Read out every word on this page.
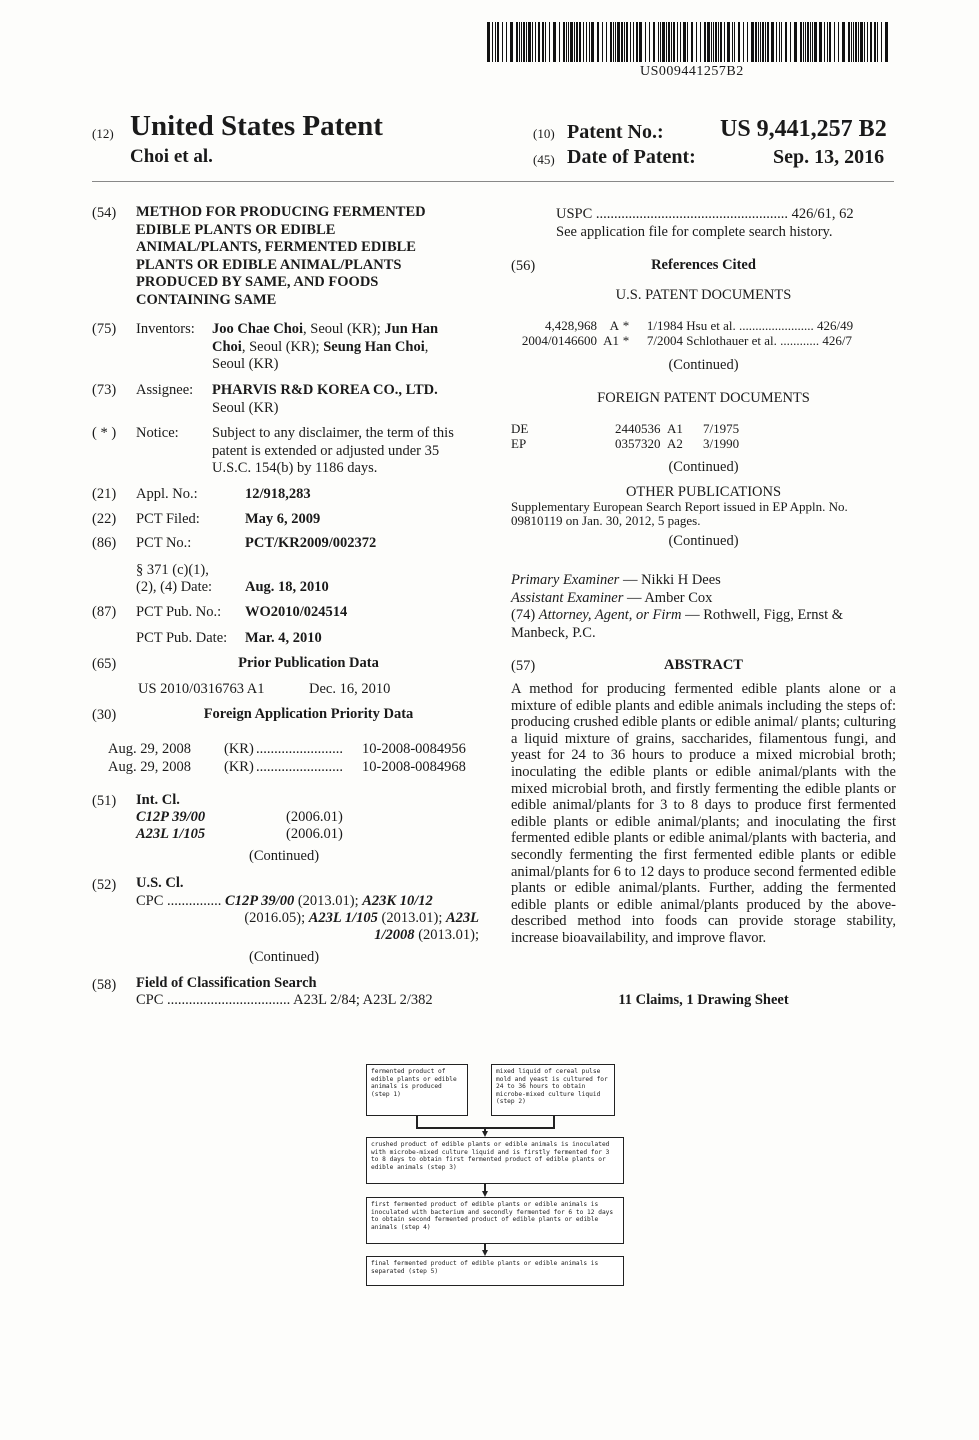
US009441257B2
(12) United States Patent
Choi et al.
(10) Patent No.: US 9,441,257 B2
(45) Date of Patent:	Sep. 13, 2016
(54) METHOD FOR PRODUCING FERMENTED
EDIBLE PLANTS OR EDIBLE
ANIMAL/PLANTS, FERMENTED EDIBLE
PLANTS OR EDIBLE ANIMAL/PLANTS
PRODUCED BY SAME, AND FOODS
CONTAINING SAME
(75) Inventors: Joo Chae Choi, Seoul (KR); Jun Han
Choi, Seoul (KR); Seung Han Choi,
Seoul (KR)
(73) Assignee: PHARVIS R&D KOREA CO., LTD.
Seoul (KR)
( * ) Notice: Subject to any disclaimer, the term of this
patent is extended or adjusted under 35
U.S.C. 154(b) by 1186 days.
(21) Appl. No.:	12/918,283
(22) PCT Filed:	May 6, 2009
(86) PCT No.:	PCT/KR2009/002372
§ 371 (c)(1),
(2), (4) Date: Aug. 18, 2010
(87) PCT Pub. No.: WO2010/024514
PCT Pub. Date: Mar. 4, 2010
(65)	Prior Publication Data
US 2010/0316763 A1	Dec. 16, 2010
(30)	Foreign Application Priority Data
Aug. 29, 2008 (KR) ........................ 10-2008-0084956
Aug. 29, 2008 (KR) ........................ 10-2008-0084968
(51) Int. Cl.
C12P 39/00	(2006.01)
A23L 1/105	(2006.01)
(Continued)
(52) U.S. Cl.
CPC ............... C12P 39/00 (2013.01); A23K 10/12
(2016.05); A23L 1/105 (2013.01); A23L
1/2008 (2013.01);
(Continued)
(58) Field of Classification Search
CPC .................................. A23L 2/84; A23L 2/382
USPC ..................................................... 426/61, 62
See application file for complete search history.
(56)	References Cited
U.S. PATENT DOCUMENTS
4,428,968 A * 1/1984 Hsu et al. ....................... 426/49
2004/0146600 A1 * 7/2004 Schlothauer et al. ............ 426/7
(Continued)
FOREIGN PATENT DOCUMENTS
DE	2440536 A1 7/1975
EP	0357320 A2 3/1990
(Continued)
OTHER PUBLICATIONS
Supplementary European Search Report issued in EP Appln. No.
09810119 on Jan. 30, 2012, 5 pages.
(Continued)
Primary Examiner — Nikki H Dees
Assistant Examiner — Amber Cox
(74) Attorney, Agent, or Firm — Rothwell, Figg, Ernst &
Manbeck, P.C.
(57)	ABSTRACT
A method for producing fermented edible plants alone or a mixture of edible plants and edible animals including the steps of: producing crushed edible plants or edible animal/ plants; culturing a liquid mixture of grains, saccharides, filamentous fungi, and yeast for 24 to 36 hours to produce a mixed microbial broth; inoculating the edible plants or edible animal/plants with the mixed microbial broth, and firstly fermenting the edible plants or edible animal/plants for 3 to 8 days to produce first fermented edible plants or edible animal/plants; and inoculating the first fermented edible plants or edible animal/plants with bacteria, and secondly fermenting the first fermented edible plants or edible animal/plants for 6 to 12 days to produce second fermented edible plants or edible animal/plants. Further, adding the fermented edible plants or edible animal/plants produced by the above-described method into foods can provide storage stability, increase bioavailability, and improve flavor.
11 Claims, 1 Drawing Sheet
fermented product of edible plants or edible animals is produced (step 1)
mixed liquid of cereal pulse mold and yeast is cultured for 24 to 36 hours to obtain microbe-mixed culture liquid (step 2)
crushed product of edible plants or edible animals is inoculated with microbe-mixed culture liquid and is firstly fermented for 3 to 8 days to obtain first fermented product of edible plants or edible animals (step 3)
first fermented product of edible plants or edible animals is inoculated with bacterium and secondly fermented for 6 to 12 days to obtain second fermented product of edible plants or edible animals (step 4)
final fermented product of edible plants or edible animals is separated (step 5)
